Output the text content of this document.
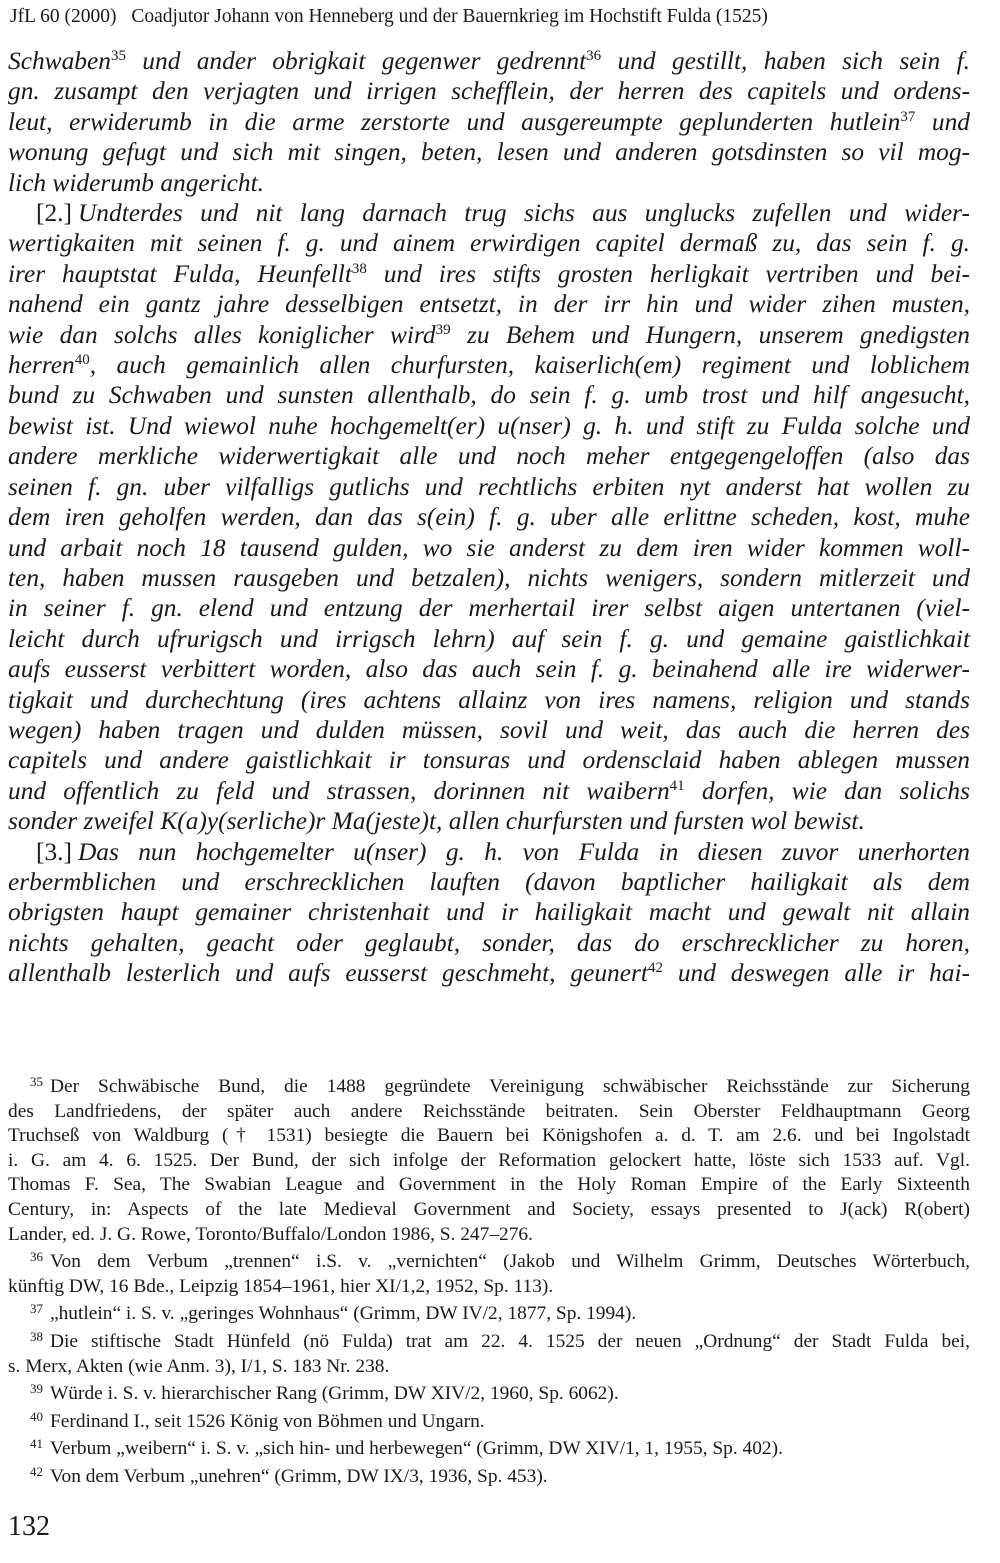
JfL 60 (2000) Coadjutor Johann von Henneberg und der Bauernkrieg im Hochstift Fulda (1525)
Schwaben$^{35}$ und ander obrigkait gegenwer gedrennt$^{36}$ und gestillt, haben sich sein f.
gn. zusampt den verjagten und irrigen schefflein, der herren des capitels und ordens-
leut, erwiderumb in die arme zerstorte und ausgereumpte geplunderten hutlein$^{37}$ und
wonung gefugt und sich mit singen, beten, lesen und anderen gotsdinsten so vil mog-
lich widerumb angericht.
[2.] Undterdes und nit lang darnach trug sichs aus unglucks zufellen und wider-
wertigkaiten mit seinen f. g. und ainem erwirdigen capitel dermaß zu, das sein f. g.
irer hauptstat Fulda, Heunfellt$^{38}$ und ires stifts grosten herligkait vertriben und bei-
nahend ein gantz jahre desselbigen entsetzt, in der irr hin und wider zihen musten,
wie dan solchs alles koniglicher wird$^{39}$ zu Behem und Hungern, unserem gnedigsten
herren$^{40}$, auch gemainlich allen churfursten, kaiserlich(em) regiment und loblichem
bund zu Schwaben und sunsten allenthalb, do sein f. g. umb trost und hilf angesucht,
bewist ist. Und wiewol nuhe hochgemelt(er) u(nser) g. h. und stift zu Fulda solche und
andere merkliche widerwertigkait alle und noch meher entgegengeloffen (also das
seinen f. gn. uber vilfalligs gutlichs und rechtlichs erbiten nyt anderst hat wollen zu
dem iren geholfen werden, dan das s(ein) f. g. uber alle erlittne scheden, kost, muhe
und arbait noch 18 tausend gulden, wo sie anderst zu dem iren wider kommen woll-
ten, haben mussen rausgeben und betzalen), nichts wenigers, sondern mitlerzeit und
in seiner f. gn. elend und entzung der merhertail irer selbst aigen untertanen (viel-
leicht durch ufrurigsch und irrigsch lehrn) auf sein f. g. und gemaine gaistlichkait
aufs eusserst verbittert worden, also das auch sein f. g. beinahend alle ire widerwer-
tigkait und durchechtung (ires achtens allainz von ires namens, religion und stands
wegen) haben tragen und dulden müssen, sovil und weit, das auch die herren des
capitels und andere gaistlichkait ir tonsuras und ordensclaid haben ablegen mussen
und offentlich zu feld und strassen, dorinnen nit waibern$^{41}$ dorfen, wie dan solichs
sonder zweifel K(a)y(serliche)r Ma(jeste)t, allen churfursten und fursten wol bewist.
[3.] Das nun hochgemelter u(nser) g. h. von Fulda in diesen zuvor unerhorten
erbermblichen und erschrecklichen lauften (davon baptlicher hailigkait als dem
obrigsten haupt gemainer christenhait und ir hailigkait macht und gewalt nit allain
nichts gehalten, geacht oder geglaubt, sonder, das do erschrecklicher zu horen,
allenthalb lesterlich und aufs eusserst geschmeht, geunert$^{42}$ und deswegen alle ir hai-
$^{35}$ Der Schwäbische Bund, die 1488 gegründete Vereinigung schwäbischer Reichsstände zur Sicherung
des Landfriedens, der später auch andere Reichsstände beitraten. Sein Oberster Feldhauptmann Georg
Truchseß von Waldburg († 1531) besiegte die Bauern bei Königshofen a. d. T. am 2.6. und bei Ingolstadt
i. G. am 4. 6. 1525. Der Bund, der sich infolge der Reformation gelockert hatte, löste sich 1533 auf. Vgl.
Thomas F. Sea, The Swabian League and Government in the Holy Roman Empire of the Early Sixteenth
Century, in: Aspects of the late Medieval Government and Society, essays presented to J(ack) R(obert)
Lander, ed. J. G. Rowe, Toronto/Buffalo/London 1986, S. 247–276.
$^{36}$ Von dem Verbum „trennen“ i.S. v. „vernichten“ (Jakob und Wilhelm Grimm, Deutsches Wörterbuch,
künftig DW, 16 Bde., Leipzig 1854–1961, hier XI/1,2, 1952, Sp. 113).
$^{37}$ „hutlein“ i. S. v. „geringes Wohnhaus“ (Grimm, DW IV/2, 1877, Sp. 1994).
$^{38}$ Die stiftische Stadt Hünfeld (nö Fulda) trat am 22. 4. 1525 der neuen „Ordnung“ der Stadt Fulda bei,
s. Merx, Akten (wie Anm. 3), I/1, S. 183 Nr. 238.
$^{39}$ Würde i. S. v. hierarchischer Rang (Grimm, DW XIV/2, 1960, Sp. 6062).
$^{40}$ Ferdinand I., seit 1526 König von Böhmen und Ungarn.
$^{41}$ Verbum „weibern“ i. S. v. „sich hin- und herbewegen“ (Grimm, DW XIV/1, 1, 1955, Sp. 402).
$^{42}$ Von dem Verbum „unehren“ (Grimm, DW IX/3, 1936, Sp. 453).
132
